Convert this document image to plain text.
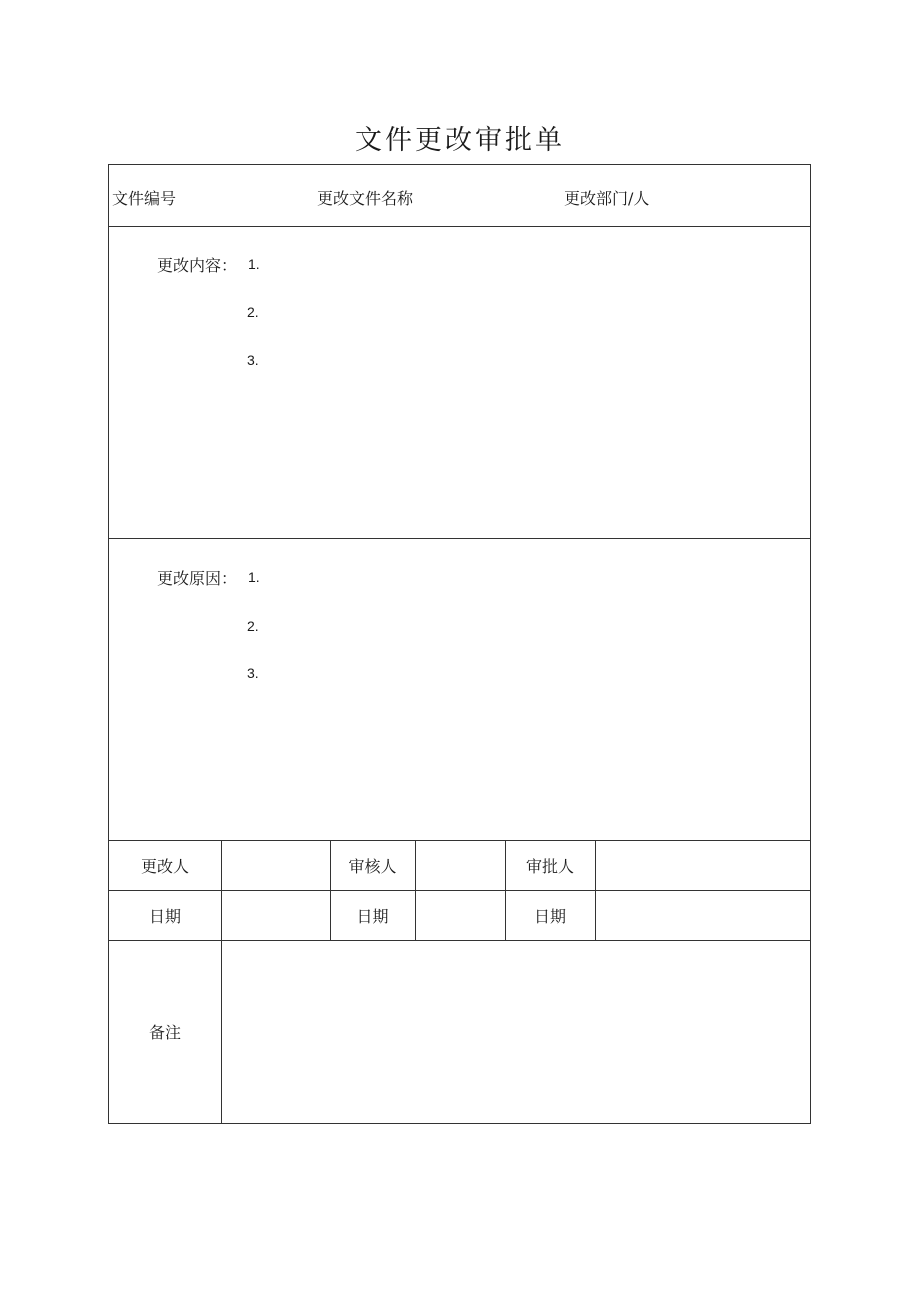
文件更改审批单
文件编号	更改文件名称	更改部门/人
更改内容： 1.
2.
3.
更改原因： 1.
2.
3.
更改人	审核人	审批人
日期	日期	日期
备注
